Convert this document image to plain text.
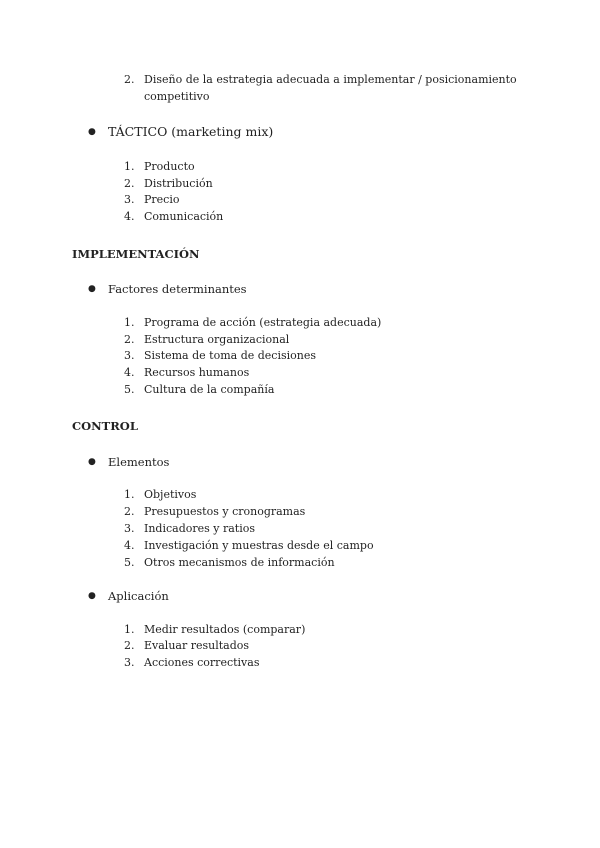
2. Diseño de la estrategia adecuada a implementar / posicionamiento competitivo
● TÁCTICO (marketing mix)
1. Producto
2. Distribución
3. Precio
4. Comunicación
IMPLEMENTACIÓN
●	Factores determinantes
1. Programa de acción (estrategia adecuada)
2. Estructura organizacional
3. Sistema de toma de decisiones
4. Recursos humanos
5. Cultura de la compañía
CONTROL
●	Elementos
1. Objetivos
2. Presupuestos y cronogramas
3. Indicadores y ratios
4. Investigación y muestras desde el campo
5. Otros mecanismos de información
●	Aplicación
1. Medir resultados (comparar)
2. Evaluar resultados
3. Acciones correctivas
